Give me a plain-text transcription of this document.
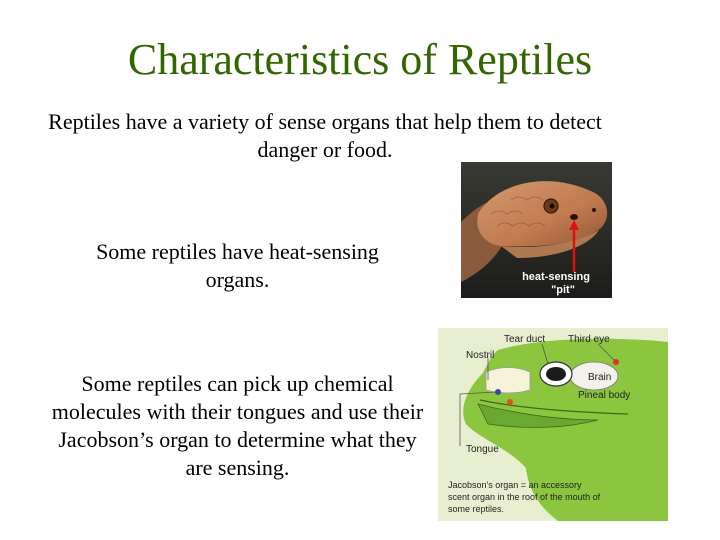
Characteristics of Reptiles
Reptiles have a variety of sense organs that help them to detect danger or food.
Some reptiles have heat-sensing organs.
Some reptiles can pick up chemical molecules with their tongues and use their Jacobson’s organ to determine what they are sensing.
heat-sensing
"pit"
Tear duct Third eye
Nostril
Brain
Pineal body
Tongue
Jacobson's organ = an accessory
scent organ in the roof of the mouth of
some reptiles.
